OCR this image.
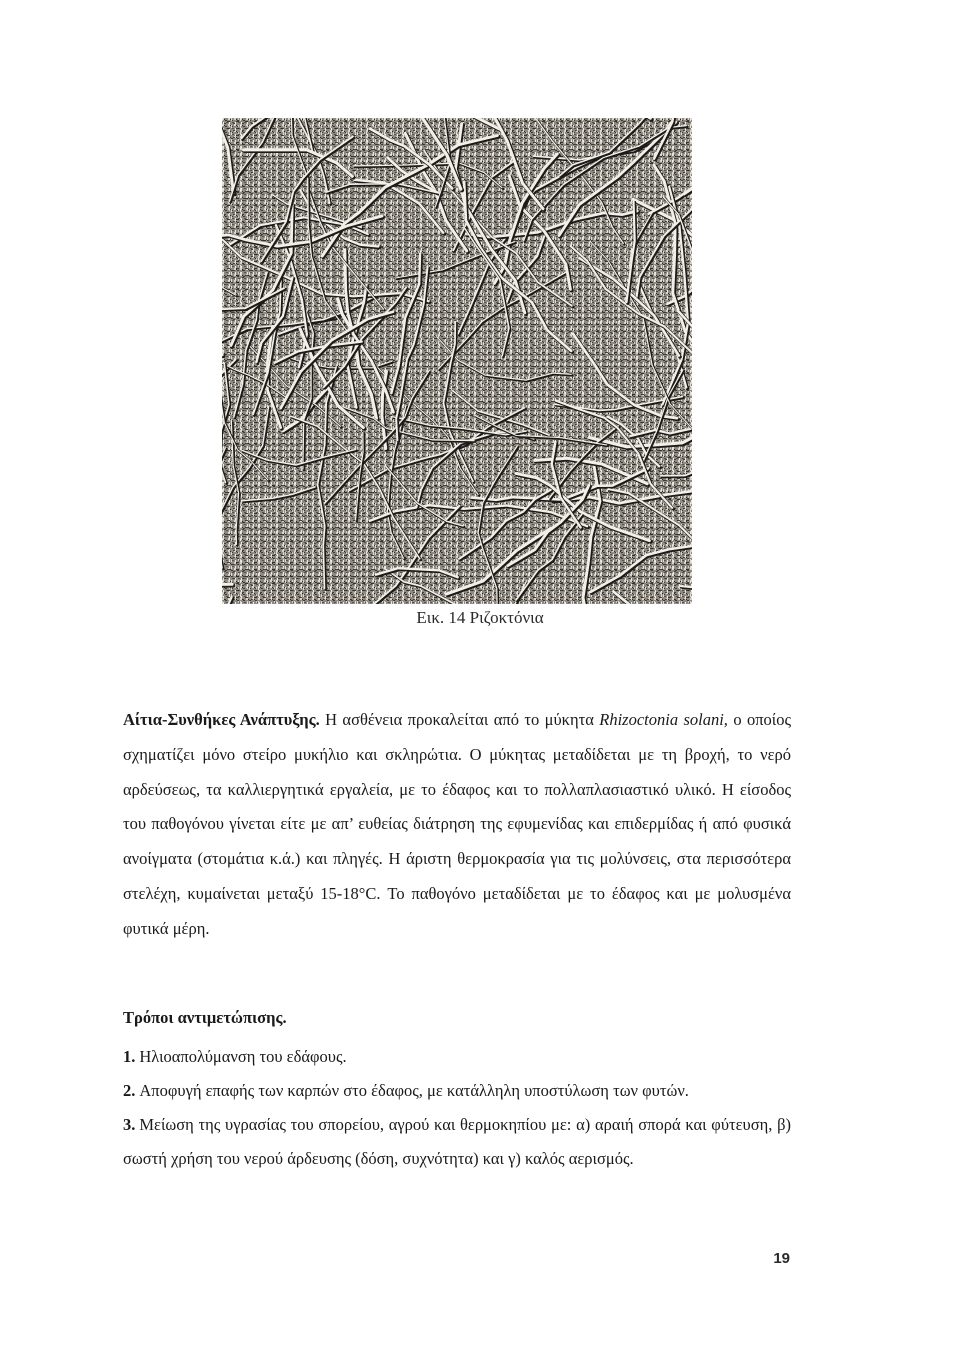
Εικ. 14 Ριζοκτόνια
Αίτια-Συνθήκες Ανάπτυξης. Η ασθένεια προκαλείται από το μύκητα Rhizoctonia solani, ο οποίος σχηματίζει μόνο στείρο μυκήλιο και σκληρώτια. Ο μύκητας μεταδίδεται με τη βροχή, το νερό αρδεύσεως, τα καλλιεργητικά εργαλεία, με το έδαφος και το πολλαπλασιαστικό υλικό. Η είσοδος του παθογόνου γίνεται είτε με απ’ ευθείας διάτρηση της εφυμενίδας και επιδερμίδας ή από φυσικά ανοίγματα (στομάτια κ.ά.) και πληγές. Η άριστη θερμοκρασία για τις μολύνσεις, στα περισσότερα στελέχη, κυμαίνεται μεταξύ 15-18°C. Το παθογόνο μεταδίδεται με το έδαφος και με μολυσμένα φυτικά μέρη.
Τρόποι αντιμετώπισης.
1. Ηλιοαπολύμανση του εδάφους.
2. Αποφυγή επαφής των καρπών στο έδαφος, με κατάλληλη υποστύλωση των φυτών.
3. Μείωση της υγρασίας του σπορείου, αγρού και θερμοκηπίου με: α) αραιή σπορά και φύτευση, β) σωστή χρήση του νερού άρδευσης (δόση, συχνότητα) και γ) καλός αερισμός.
19
